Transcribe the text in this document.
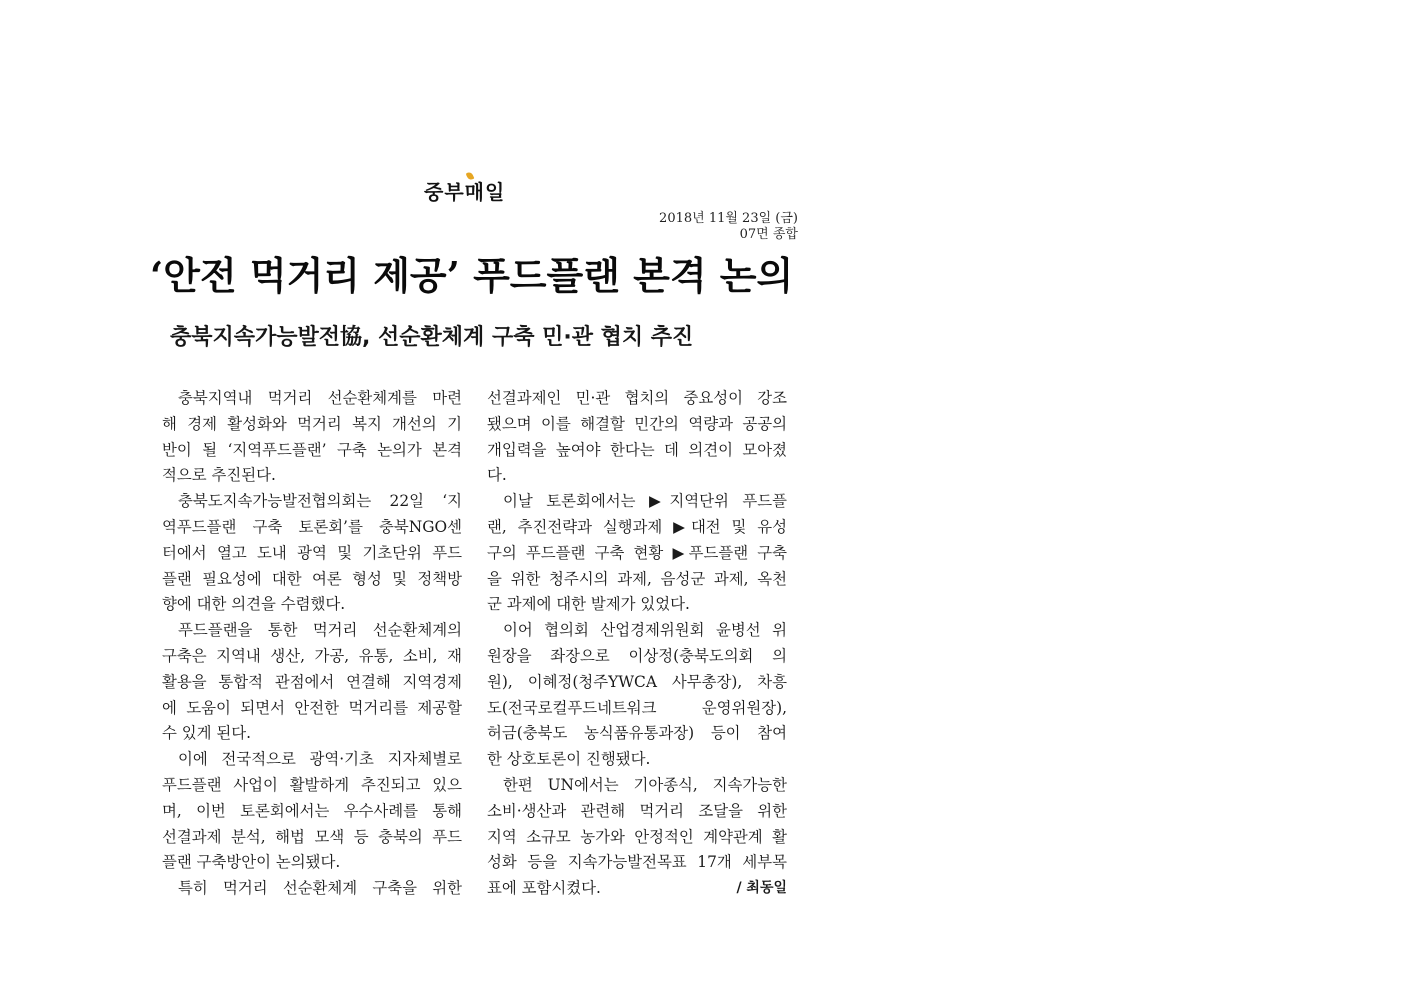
중부매일
2018년 11월 23일 (금)
07면 종합
‘안전 먹거리 제공’ 푸드플랜 본격 논의
충북지속가능발전協, 선순환체계 구축 민·관 협치 추진
충북지역내 먹거리 선순환체계를 마련
해 경제 활성화와 먹거리 복지 개선의 기
반이 될 ‘지역푸드플랜’ 구축 논의가 본격
적으로 추진된다.
충북도지속가능발전협의회는 22일 ‘지
역푸드플랜 구축 토론회’를 충북NGO센
터에서 열고 도내 광역 및 기초단위 푸드
플랜 필요성에 대한 여론 형성 및 정책방
향에 대한 의견을 수렴했다.
푸드플랜을 통한 먹거리 선순환체계의
구축은 지역내 생산, 가공, 유통, 소비, 재
활용을 통합적 관점에서 연결해 지역경제
에 도움이 되면서 안전한 먹거리를 제공할
수 있게 된다.
이에 전국적으로 광역·기초 지자체별로
푸드플랜 사업이 활발하게 추진되고 있으
며, 이번 토론회에서는 우수사례를 통해
선결과제 분석, 해법 모색 등 충북의 푸드
플랜 구축방안이 논의됐다.
특히 먹거리 선순환체계 구축을 위한
선결과제인 민·관 협치의 중요성이 강조
됐으며 이를 해결할 민간의 역량과 공공의
개입력을 높여야 한다는 데 의견이 모아졌
다.
이날 토론회에서는 ▶지역단위 푸드플
랜, 추진전략과 실행과제 ▶대전 및 유성
구의 푸드플랜 구축 현황 ▶푸드플랜 구축
을 위한 청주시의 과제, 음성군 과제, 옥천
군 과제에 대한 발제가 있었다.
이어 협의회 산업경제위원회 윤병선 위
원장을 좌장으로 이상정(충북도의회 의
원), 이혜정(청주YWCA 사무총장), 차흥
도(전국로컬푸드네트워크 운영위원장),
허금(충북도 농식품유통과장) 등이 참여
한 상호토론이 진행됐다.
한편 UN에서는 기아종식, 지속가능한
소비·생산과 관련해 먹거리 조달을 위한
지역 소규모 농가와 안정적인 계약관계 활
성화 등을 지속가능발전목표 17개 세부목
표에 포함시켰다.	/ 최동일
